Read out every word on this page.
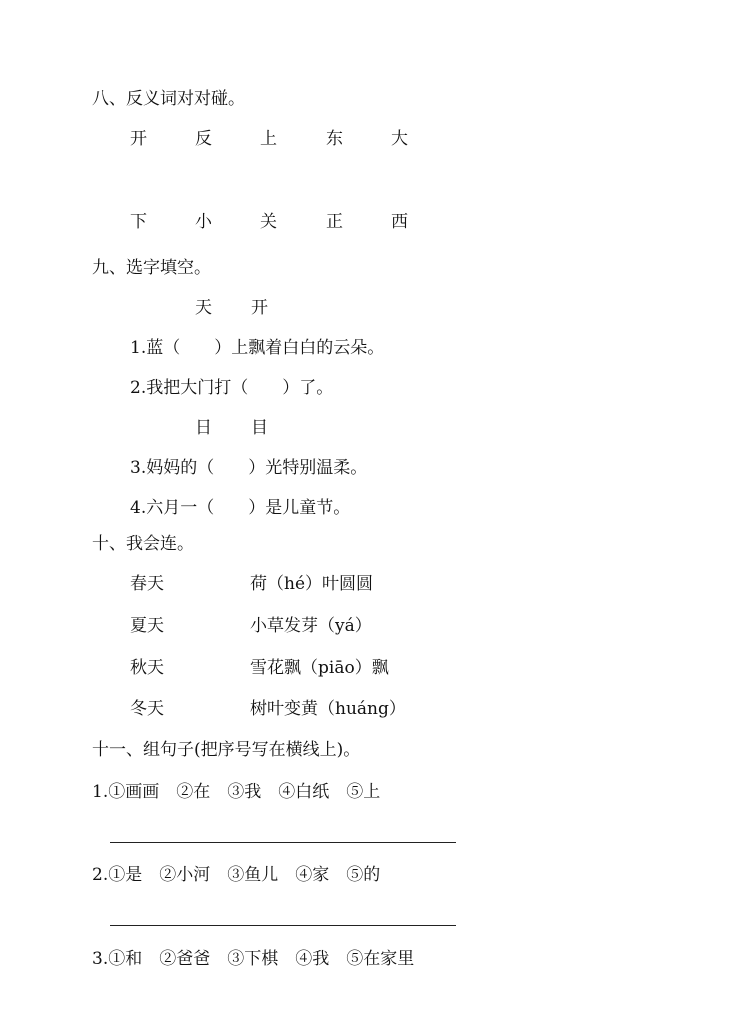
八、反义词对对碰。
开	反	上	东	大
下	小	关	正	西
九、选字填空。
天 开
1.蓝（　　）上飘着白白的云朵。
2.我把大门打（　　）了。
日 目
3.妈妈的（　　）光特别温柔。
4.六月一（　　）是儿童节。
十、我会连。
春天	荷（hé）叶圆圆
夏天	小草发芽（yá）
秋天	雪花飘（piāo）飘
冬天	树叶变黄（huáng）
十一、组句子(把序号写在横线上)。
1.①画画　②在　③我　④白纸　⑤上
2.①是　②小河　③鱼儿　④家　⑤的
3.①和　②爸爸　③下棋　④我　⑤在家里
